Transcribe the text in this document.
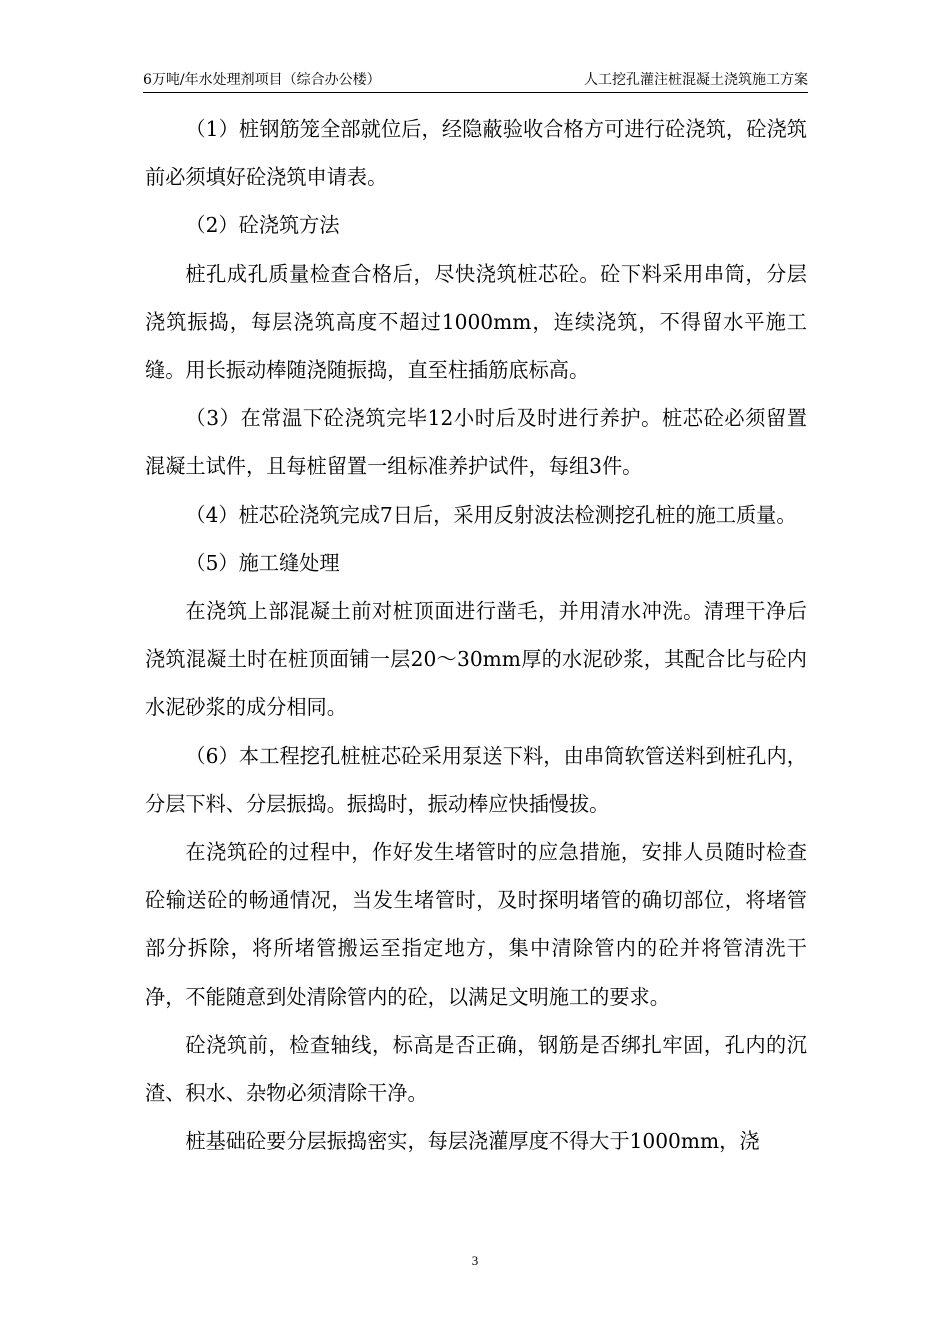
6万吨/年水处理剂项目（综合办公楼）	人工挖孔灌注桩混凝土浇筑施工方案

（1）桩钢筋笼全部就位后，经隐蔽验收合格方可进行砼浇筑，砼浇筑前必须填好砼浇筑申请表。

（2）砼浇筑方法

桩孔成孔质量检查合格后，尽快浇筑桩芯砼。砼下料采用串筒，分层浇筑振捣，每层浇筑高度不超过1000mm，连续浇筑，不得留水平施工缝。用长振动棒随浇随振捣，直至柱插筋底标高。

（3）在常温下砼浇筑完毕12小时后及时进行养护。桩芯砼必须留置混凝土试件，且每桩留置一组标准养护试件，每组3件。

（4）桩芯砼浇筑完成7日后，采用反射波法检测挖孔桩的施工质量。

（5）施工缝处理

在浇筑上部混凝土前对桩顶面进行凿毛，并用清水冲洗。清理干净后浇筑混凝土时在桩顶面铺一层20～30mm厚的水泥砂浆，其配合比与砼内水泥砂浆的成分相同。

（6）本工程挖孔桩桩芯砼采用泵送下料，由串筒软管送料到桩孔内，分层下料、分层振捣。振捣时，振动棒应快插慢拔。

在浇筑砼的过程中，作好发生堵管时的应急措施，安排人员随时检查砼输送砼的畅通情况，当发生堵管时，及时探明堵管的确切部位，将堵管部分拆除，将所堵管搬运至指定地方，集中清除管内的砼并将管清洗干净，不能随意到处清除管内的砼，以满足文明施工的要求。

砼浇筑前，检查轴线，标高是否正确，钢筋是否绑扎牢固，孔内的沉渣、积水、杂物必须清除干净。

桩基础砼要分层振捣密实，每层浇灌厚度不得大于1000mm，浇

3
